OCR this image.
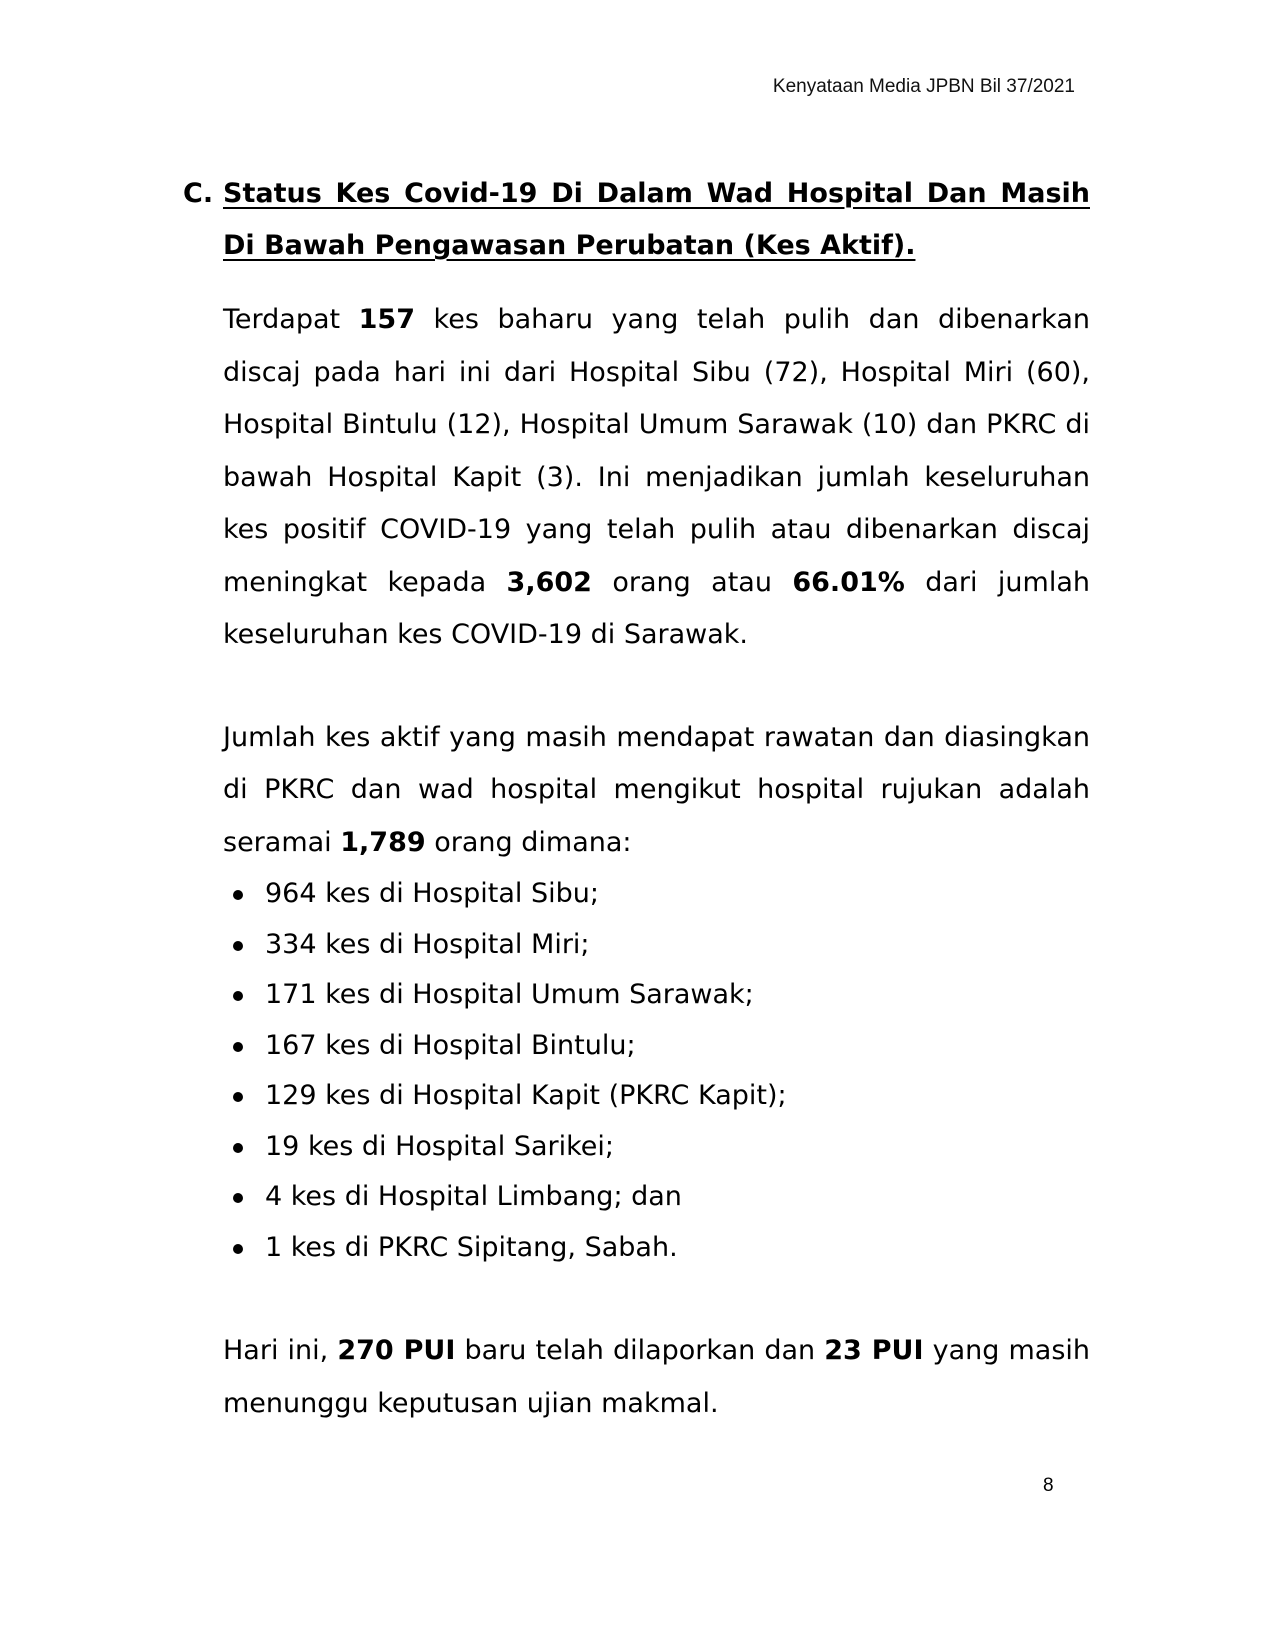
Kenyataan Media JPBN Bil 37/2021
C. Status Kes Covid-19 Di Dalam Wad Hospital Dan Masih Di Bawah Pengawasan Perubatan (Kes Aktif).

Terdapat 157 kes baharu yang telah pulih dan dibenarkan discaj pada hari ini dari Hospital Sibu (72), Hospital Miri (60), Hospital Bintulu (12), Hospital Umum Sarawak (10) dan PKRC di bawah Hospital Kapit (3). Ini menjadikan jumlah keseluruhan kes positif COVID-19 yang telah pulih atau dibenarkan discaj meningkat kepada 3,602 orang atau 66.01% dari jumlah keseluruhan kes COVID-19 di Sarawak.

Jumlah kes aktif yang masih mendapat rawatan dan diasingkan di PKRC dan wad hospital mengikut hospital rujukan adalah seramai 1,789 orang dimana:

964 kes di Hospital Sibu;
334 kes di Hospital Miri;
171 kes di Hospital Umum Sarawak;
167 kes di Hospital Bintulu;
129 kes di Hospital Kapit (PKRC Kapit);
19 kes di Hospital Sarikei;
4 kes di Hospital Limbang; dan
1 kes di PKRC Sipitang, Sabah.

Hari ini, 270 PUI baru telah dilaporkan dan 23 PUI yang masih menunggu keputusan ujian makmal.

8
